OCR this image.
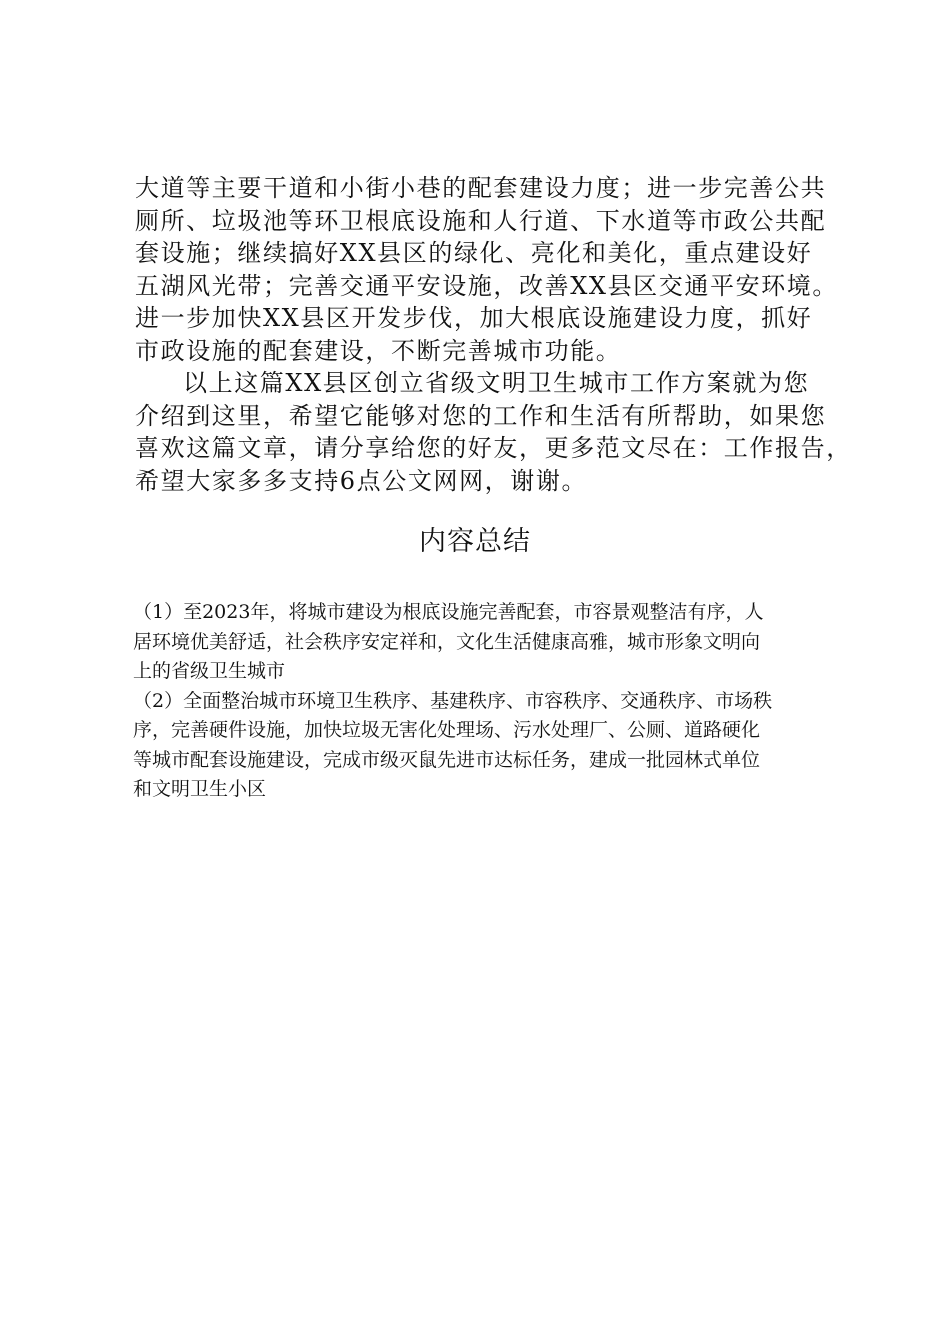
大道等主要干道和小街小巷的配套建设力度；进一步完善公共
厕所、垃圾池等环卫根底设施和人行道、下水道等市政公共配
套设施；继续搞好XX县区的绿化、亮化和美化，重点建设好
五湖风光带；完善交通平安设施，改善XX县区交通平安环境。
进一步加快XX县区开发步伐，加大根底设施建设力度，抓好
市政设施的配套建设，不断完善城市功能。
以上这篇XX县区创立省级文明卫生城市工作方案就为您
介绍到这里，希望它能够对您的工作和生活有所帮助，如果您
喜欢这篇文章，请分享给您的好友，更多范文尽在：工作报告，
希望大家多多支持6点公文网网，谢谢。
内容总结
（1）至2023年，将城市建设为根底设施完善配套，市容景观整洁有序，人
居环境优美舒适，社会秩序安定祥和，文化生活健康高雅，城市形象文明向
上的省级卫生城市
（2）全面整治城市环境卫生秩序、基建秩序、市容秩序、交通秩序、市场秩
序，完善硬件设施，加快垃圾无害化处理场、污水处理厂、公厕、道路硬化
等城市配套设施建设，完成市级灭鼠先进市达标任务，建成一批园林式单位
和文明卫生小区
